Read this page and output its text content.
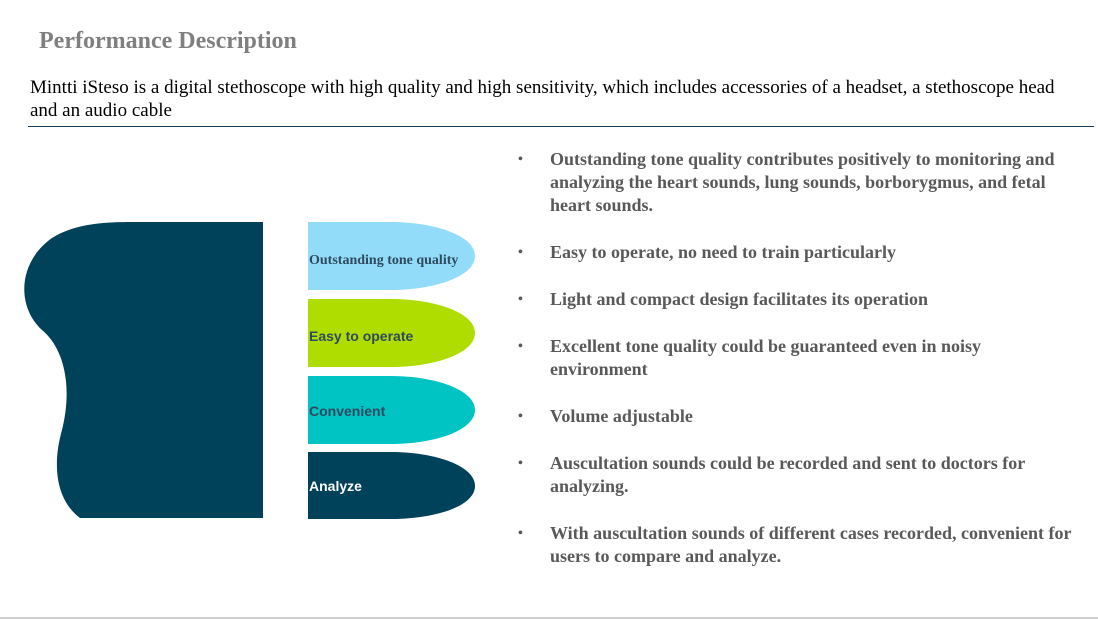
Performance Description
Mintti iSteso is a digital stethoscope with high quality and high sensitivity, which includes accessories of a headset, a stethoscope head and an audio cable
Outstanding tone quality
Easy to operate
Convenient
Analyze
• Outstanding tone quality contributes positively to monitoring and analyzing the heart sounds, lung sounds, borborygmus, and fetal heart sounds.
• Easy to operate, no need to train particularly
• Light and compact design facilitates its operation
• Excellent tone quality could be guaranteed even in noisy environment
• Volume adjustable
• Auscultation sounds could be recorded and sent to doctors for analyzing.
• With auscultation sounds of different cases recorded, convenient for users to compare and analyze.
